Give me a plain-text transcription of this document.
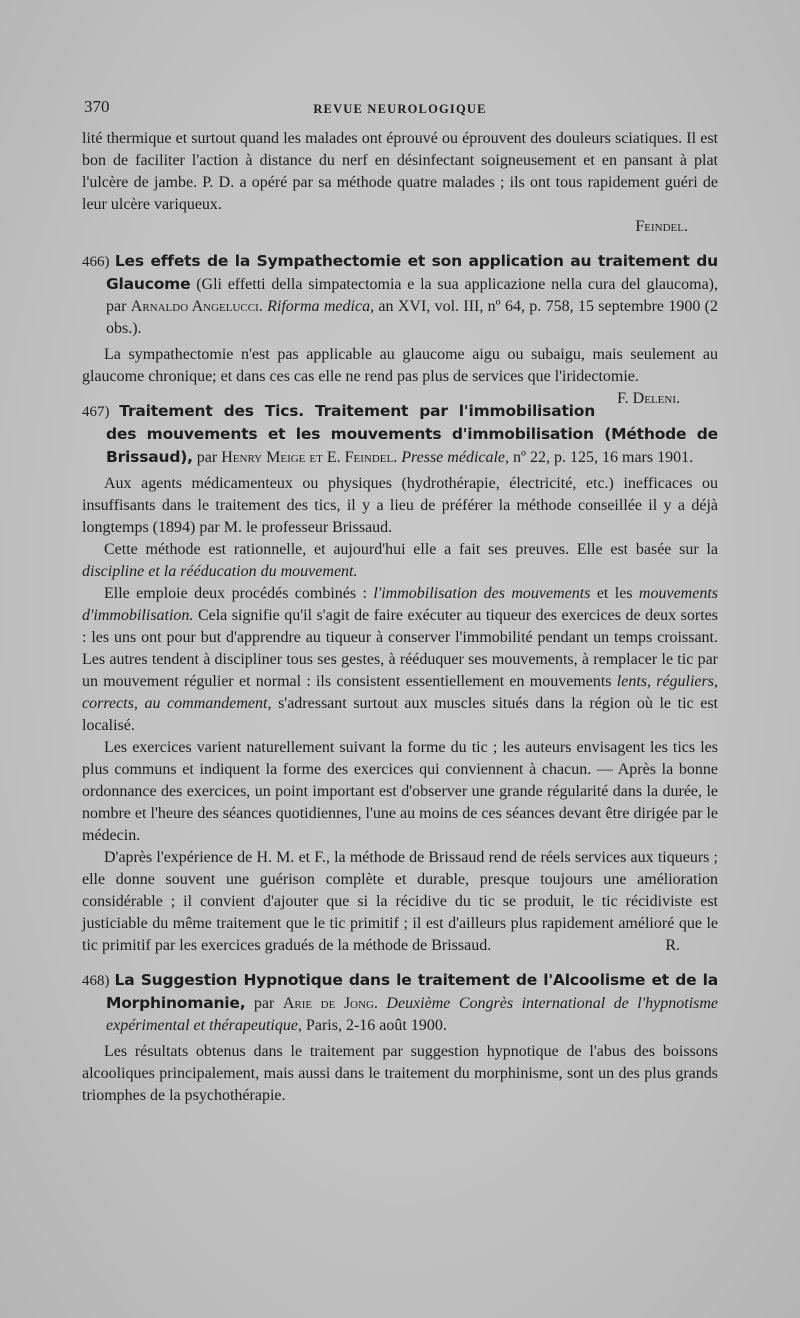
370	REVUE NEUROLOGIQUE

lité thermique et surtout quand les malades ont éprouvé ou éprouvent des douleurs sciatiques. Il est bon de faciliter l'action à distance du nerf en désinfectant soigneusement et en pansant à plat l'ulcère de jambe. P. D. a opéré par sa méthode quatre malades ; ils ont tous rapidement guéri de leur ulcère variqueux.

Feindel.

466) Les effets de la Sympathectomie et son application au traitement du Glaucome (Gli effetti della simpatectomia e la sua applicazione nella cura del glaucoma), par Arnaldo Angelucci. Riforma medica, an XVI, vol. III, nº 64, p. 758, 15 septembre 1900 (2 obs.).

La sympathectomie n'est pas applicable au glaucome aigu ou subaigu, mais seulement au glaucome chronique; et dans ces cas elle ne rend pas plus de services que l'iridectomie.
F. Deleni.

467) Traitement des Tics. Traitement par l'immobilisation des mouvements et les mouvements d'immobilisation (Méthode de Brissaud), par Henry Meige et E. Feindel. Presse médicale, nº 22, p. 125, 16 mars 1901.

Aux agents médicamenteux ou physiques (hydrothérapie, électricité, etc.) inefficaces ou insuffisants dans le traitement des tics, il y a lieu de préférer la méthode conseillée il y a déjà longtemps (1894) par M. le professeur Brissaud.

Cette méthode est rationnelle, et aujourd'hui elle a fait ses preuves. Elle est basée sur la discipline et la rééducation du mouvement.

Elle emploie deux procédés combinés : l'immobilisation des mouvements et les mouvements d'immobilisation. Cela signifie qu'il s'agit de faire exécuter au tiqueur des exercices de deux sortes : les uns ont pour but d'apprendre au tiqueur à conserver l'immobilité pendant un temps croissant. Les autres tendent à discipliner tous ses gestes, à rééduquer ses mouvements, à remplacer le tic par un mouvement régulier et normal : ils consistent essentiellement en mouvements lents, réguliers, corrects, au commandement, s'adressant surtout aux muscles situés dans la région où le tic est localisé.

Les exercices varient naturellement suivant la forme du tic ; les auteurs envisagent les tics les plus communs et indiquent la forme des exercices qui conviennent à chacun. — Après la bonne ordonnance des exercices, un point important est d'observer une grande régularité dans la durée, le nombre et l'heure des séances quotidiennes, l'une au moins de ces séances devant être dirigée par le médecin.

D'après l'expérience de H. M. et F., la méthode de Brissaud rend de réels services aux tiqueurs ; elle donne souvent une guérison complète et durable, presque toujours une amélioration considérable ; il convient d'ajouter que si la récidive du tic se produit, le tic récidiviste est justiciable du même traitement que le tic primitif ; il est d'ailleurs plus rapidement amélioré que le tic primitif par les exercices gradués de la méthode de Brissaud.	R.

468) La Suggestion Hypnotique dans le traitement de l'Alcoolisme et de la Morphinomanie, par Arie de Jong. Deuxième Congrès international de l'hypnotisme expérimental et thérapeutique, Paris, 2-16 août 1900.

Les résultats obtenus dans le traitement par suggestion hypnotique de l'abus des boissons alcooliques principalement, mais aussi dans le traitement du morphinisme, sont un des plus grands triomphes de la psychothérapie.
